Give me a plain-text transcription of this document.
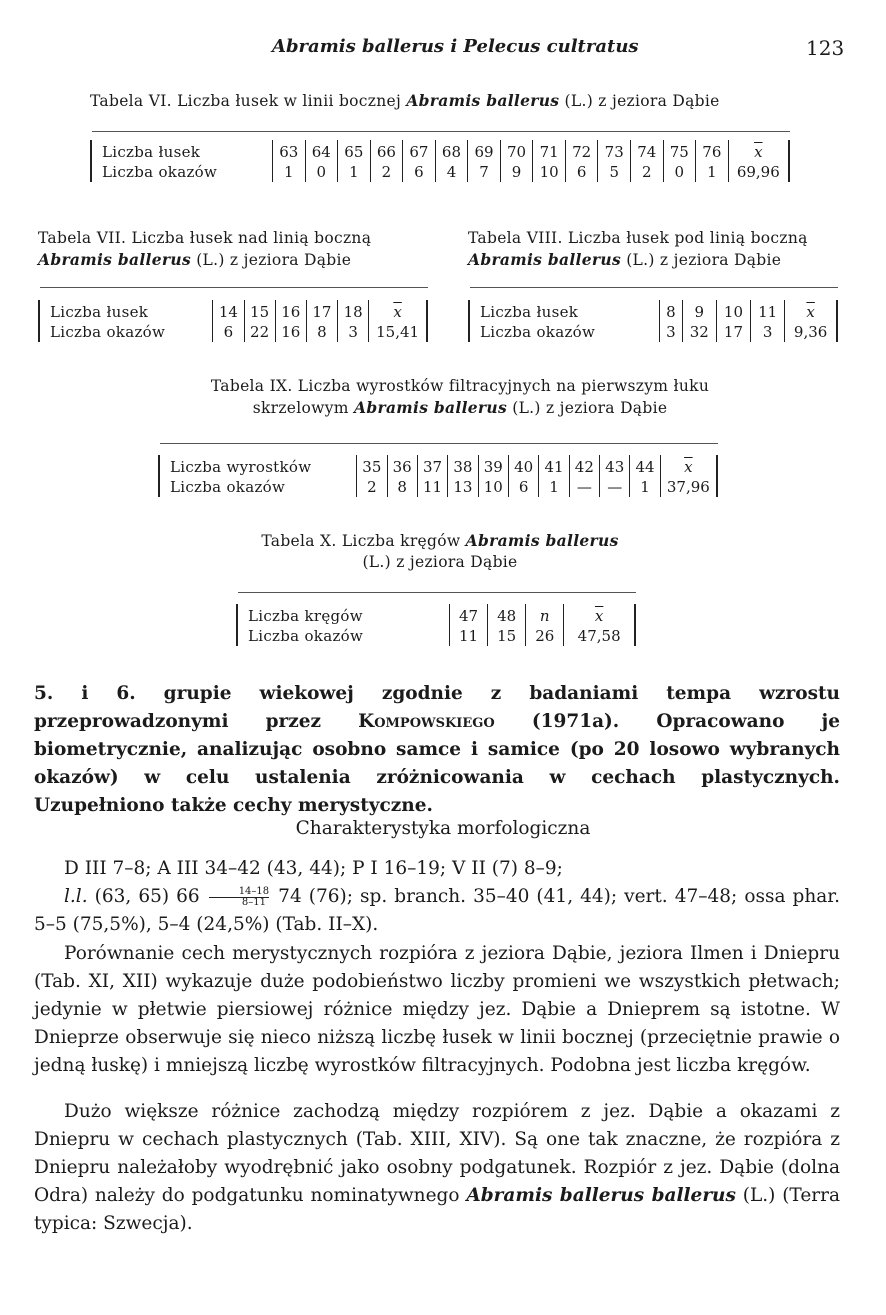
Abramis ballerus i Pelecus cultratus	123
Tabela VI. Liczba łusek w linii bocznej Abramis ballerus (L.) z jeziora Dąbie
Liczba łusek	63	64	65	66	67	68	69	70	71	72	73	74	75	76	$\overline{x}$
Liczba okazów	1	0	1	2	6	4	7	9	10	6	5	2	0	1	69,96
Tabela VII. Liczba łusek nad linią boczną
Abramis ballerus (L.) z jeziora Dąbie
Liczba łusek	14	15	16	17	18	$\overline{x}$
Liczba okazów	6	22	16	8	3	15,41
Tabela VIII. Liczba łusek pod linią boczną
Abramis ballerus (L.) z jeziora Dąbie
Liczba łusek	8	9	10	11	$\overline{x}$
Liczba okazów	3	32	17	3	9,36
Tabela IX. Liczba wyrostków filtracyjnych na pierwszym łuku
skrzelowym Abramis ballerus (L.) z jeziora Dąbie
Liczba wyrostków	35	36	37	38	39	40	41	42	43	44	$\overline{x}$
Liczba okazów	2	8	11	13	10	6	1	—	—	1	37,96
Tabela X. Liczba kręgów Abramis ballerus
(L.) z jeziora Dąbie
Liczba kręgów	47	48	n	$\overline{x}$
Liczba okazów	11	15	26	47,58

5. i 6. grupie wiekowej zgodnie z badaniami tempa wzrostu przeprowadzonymi przez Kompowskiego (1971a). Opracowano je biometrycznie, analizując osobno samce i samice (po 20 losowo wybranych okazów) w celu ustalenia zróżnicowania w cechach plastycznych. Uzupełniono także cechy merystyczne.

Charakterystyka morfologiczna

D III 7–8; A III 34–42 (43, 44); P I 16–19; V II (7) 8–9;

l.l. (63, 65) $66 \frac{14-18}{8-11} 74$ (76); sp. branch. 35–40 (41, 44); vert. 47–48; ossa phar. 5–5 (75,5%), 5–4 (24,5%) (Tab. II–X).

Porównanie cech merystycznych rozpióra z jeziora Dąbie, jeziora Ilmen i Dniepru (Tab. XI, XII) wykazuje duże podobieństwo liczby promieni we wszystkich płetwach; jedynie w płetwie piersiowej różnice między jez. Dąbie a Dnieprem są istotne. W Dnieprze obserwuje się nieco niższą liczbę łusek w linii bocznej (przeciętnie prawie o jedną łuskę) i mniejszą liczbę wyrostków filtracyjnych. Podobna jest liczba kręgów.

Dużo większe różnice zachodzą między rozpiórem z jez. Dąbie a okazami z Dniepru w cechach plastycznych (Tab. XIII, XIV). Są one tak znaczne, że rozpióra z Dniepru należałoby wyodrębnić jako osobny podgatunek. Rozpiór z jez. Dąbie (dolna Odra) należy do podgatunku nominatywnego Abramis ballerus ballerus (L.) (Terra typica: Szwecja).
